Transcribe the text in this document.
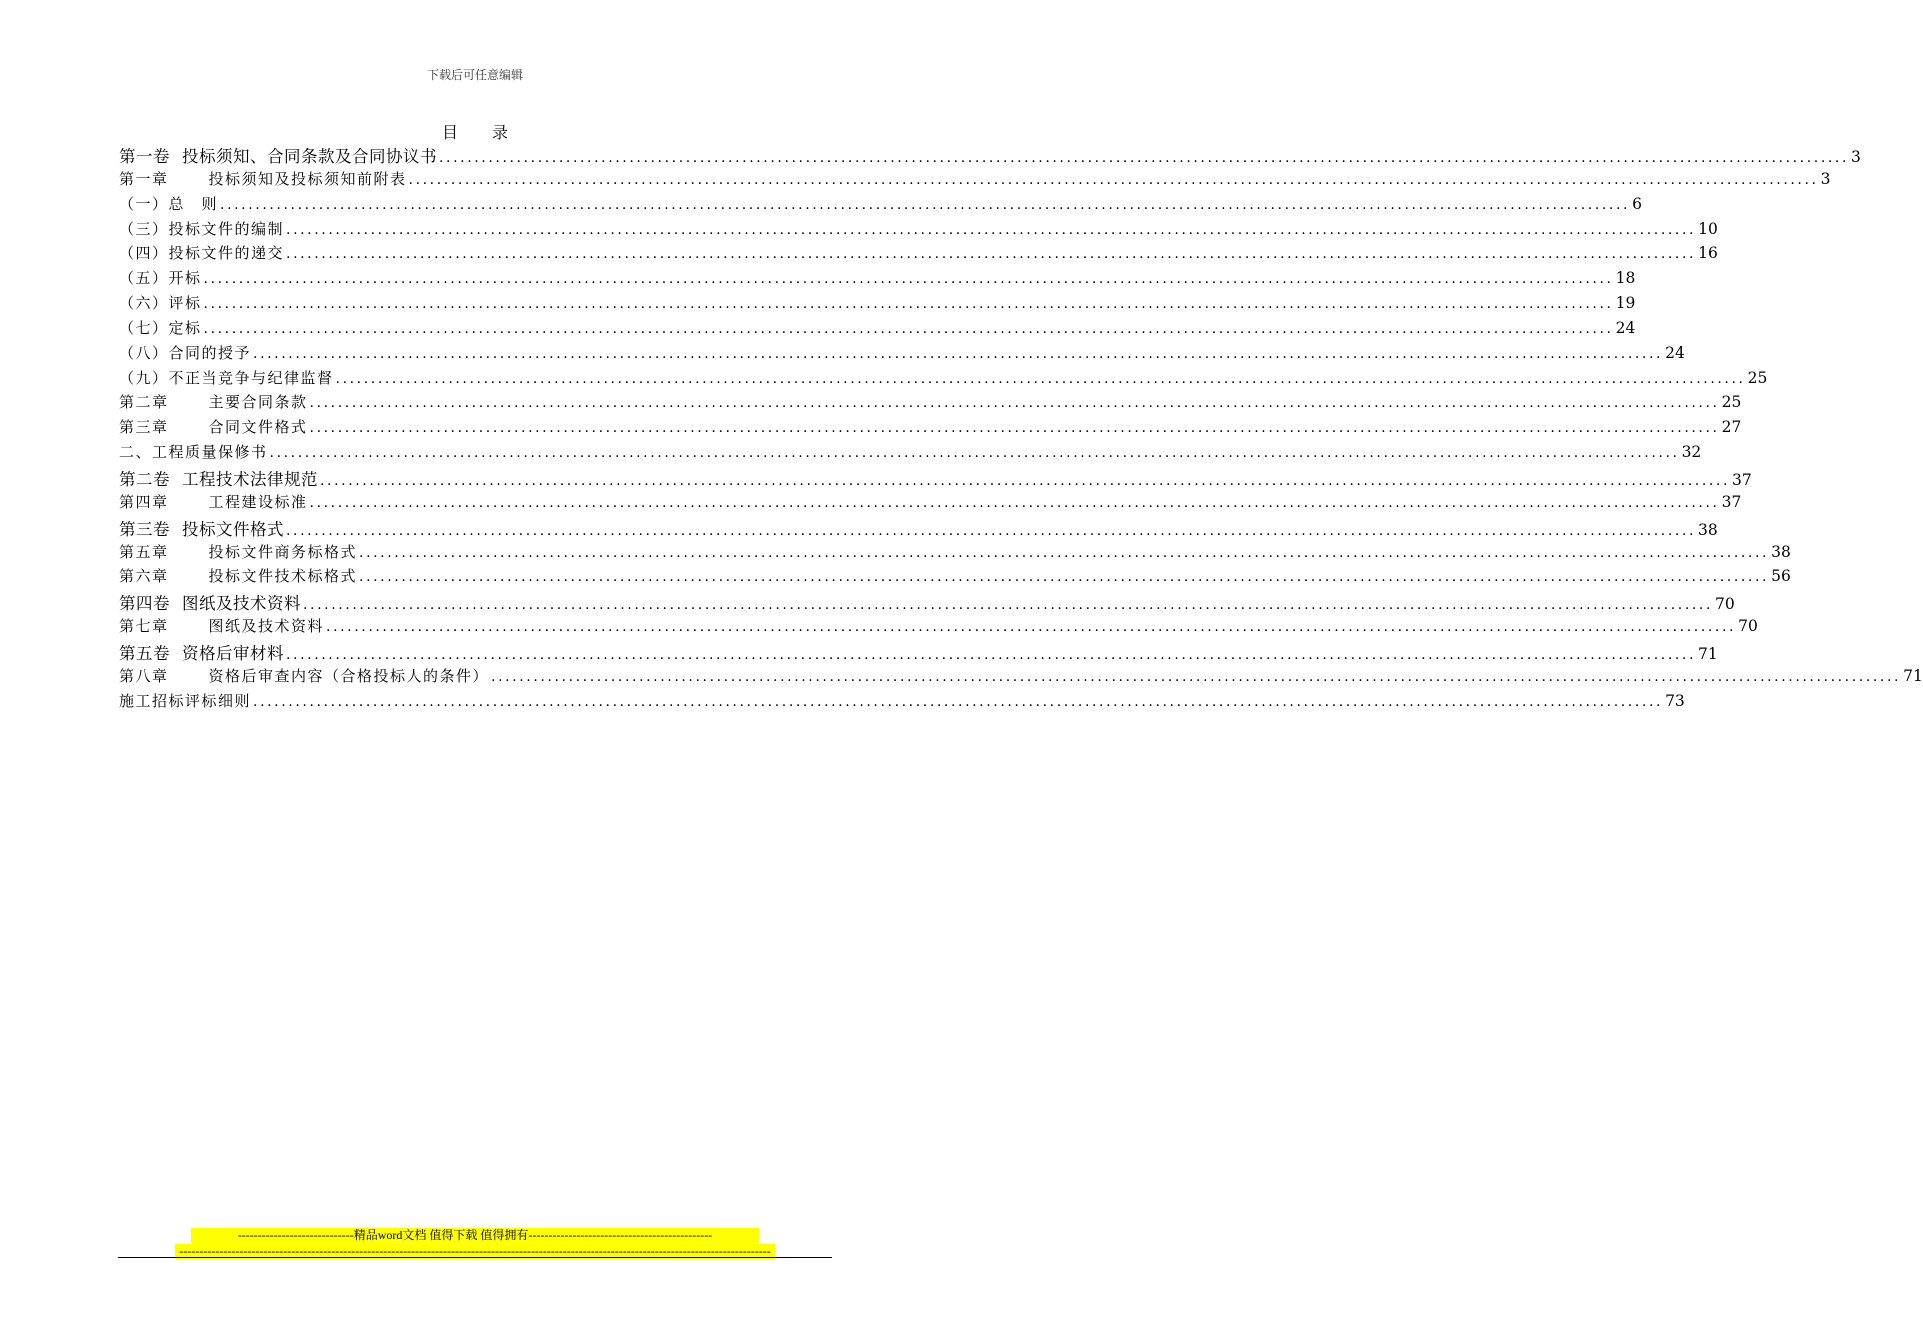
下载后可任意编辑
目 录
第一卷 投标须知、合同条款及合同协议书 ........................................................................................................................................................................................................ 3
第一章	投标须知及投标须知前附表 ........................................................................................................................................................................................................ 3
（一）总　则 ........................................................................................................................................................................................................ 6
（三）投标文件的编制 ........................................................................................................................................................................................................ 10
（四）投标文件的递交 ........................................................................................................................................................................................................ 16
（五）开标 ........................................................................................................................................................................................................ 18
（六）评标 ........................................................................................................................................................................................................ 19
（七）定标 ........................................................................................................................................................................................................ 24
（八）合同的授予 ........................................................................................................................................................................................................ 24
（九）不正当竞争与纪律监督 ........................................................................................................................................................................................................ 25
第二章	主要合同条款 ........................................................................................................................................................................................................ 25
第三章	合同文件格式 ........................................................................................................................................................................................................ 27
二、工程质量保修书 ........................................................................................................................................................................................................ 32
第二卷 工程技术法律规范 ........................................................................................................................................................................................................ 37
第四章	工程建设标准 ........................................................................................................................................................................................................ 37
第三卷 投标文件格式 ........................................................................................................................................................................................................ 38
第五章	投标文件商务标格式 ........................................................................................................................................................................................................ 38
第六章	投标文件技术标格式 ........................................................................................................................................................................................................ 56
第四卷 图纸及技术资料 ........................................................................................................................................................................................................ 70
第七章	图纸及技术资料 ........................................................................................................................................................................................................ 70
第五卷 资格后审材料 ........................................................................................................................................................................................................ 71
第八章	资格后审查内容（合格投标人的条件） ........................................................................................................................................................................................................ 71
施工招标评标细则 ........................................................................................................................................................................................................ 73
-----------------------------精品word文档 值得下载 值得拥有----------------------------------------------
----------------------------------------------------------------------------------------------------------------------------------------------------
